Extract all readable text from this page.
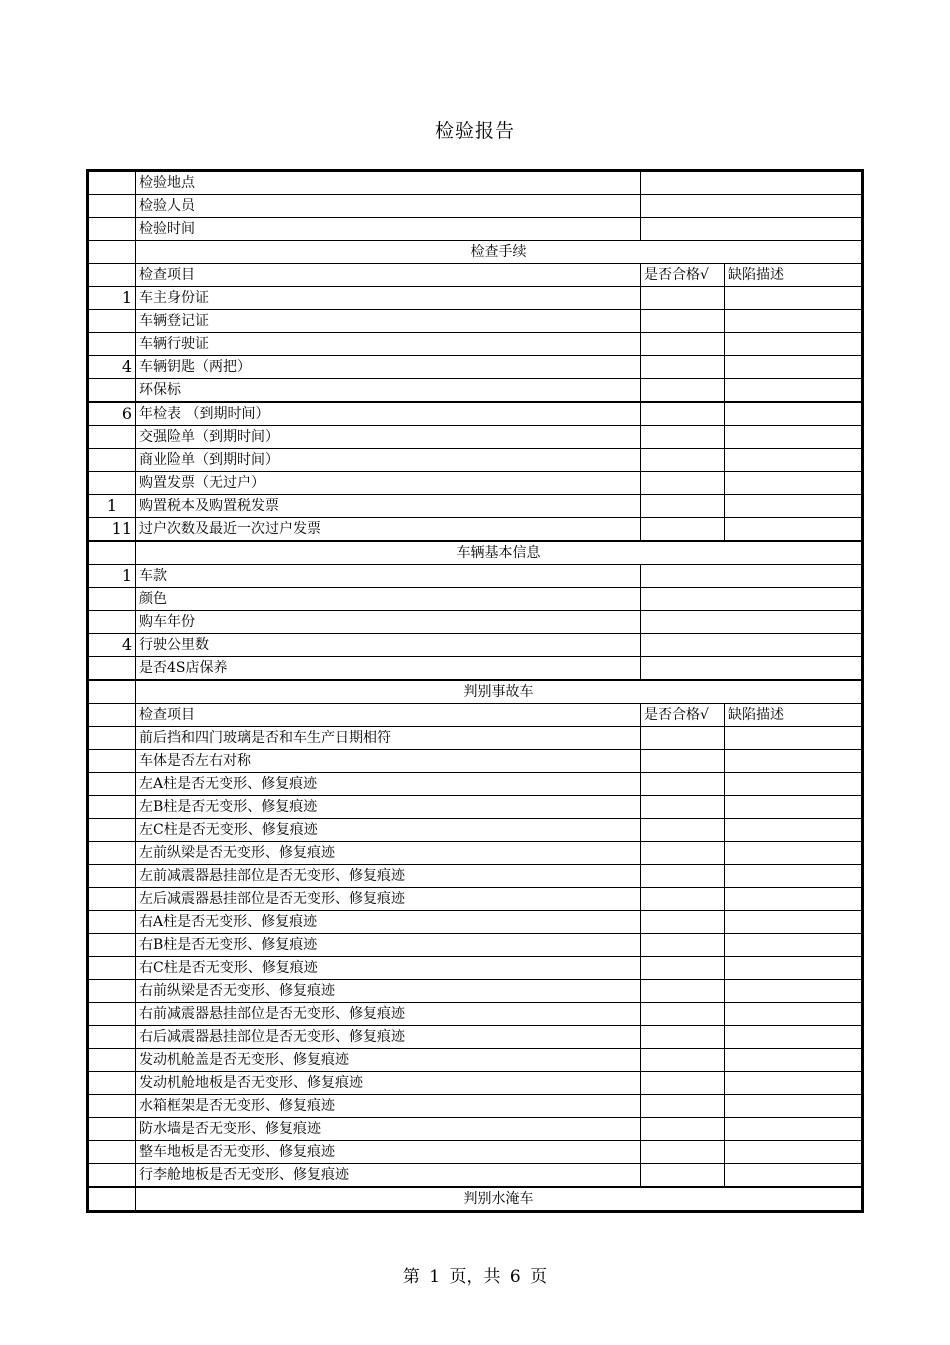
检验报告
	检验地点		
	检验人员		
	检验时间		
	检查手续		
	检查项目	是否合格√	缺陷描述
1	车主身份证		
	车辆登记证		
	车辆行驶证		
4	车辆钥匙（两把）		
	环保标		
6	年检表 （到期时间）		
	交强险单（到期时间）		
	商业险单（到期时间）		
	购置发票（无过户）		
1	购置税本及购置税发票		
11	过户次数及最近一次过户发票		
	车辆基本信息		
1	车款		
	颜色		
	购车年份		
4	行驶公里数		
	是否4S店保养		
	判别事故车		
	检查项目	是否合格√	缺陷描述
	前后挡和四门玻璃是否和车生产日期相符		
	车体是否左右对称		
	左A柱是否无变形、修复痕迹		
	左B柱是否无变形、修复痕迹		
	左C柱是否无变形、修复痕迹		
	左前纵梁是否无变形、修复痕迹		
	左前减震器悬挂部位是否无变形、修复痕迹		
	左后减震器悬挂部位是否无变形、修复痕迹		
	右A柱是否无变形、修复痕迹		
	右B柱是否无变形、修复痕迹		
	右C柱是否无变形、修复痕迹		
	右前纵梁是否无变形、修复痕迹		
	右前减震器悬挂部位是否无变形、修复痕迹		
	右后减震器悬挂部位是否无变形、修复痕迹		
	发动机舱盖是否无变形、修复痕迹		
	发动机舱地板是否无变形、修复痕迹		
	水箱框架是否无变形、修复痕迹		
	防水墙是否无变形、修复痕迹		
	整车地板是否无变形、修复痕迹		
	行李舱地板是否无变形、修复痕迹		
	判别水淹车		
第 1 页，共 6 页
